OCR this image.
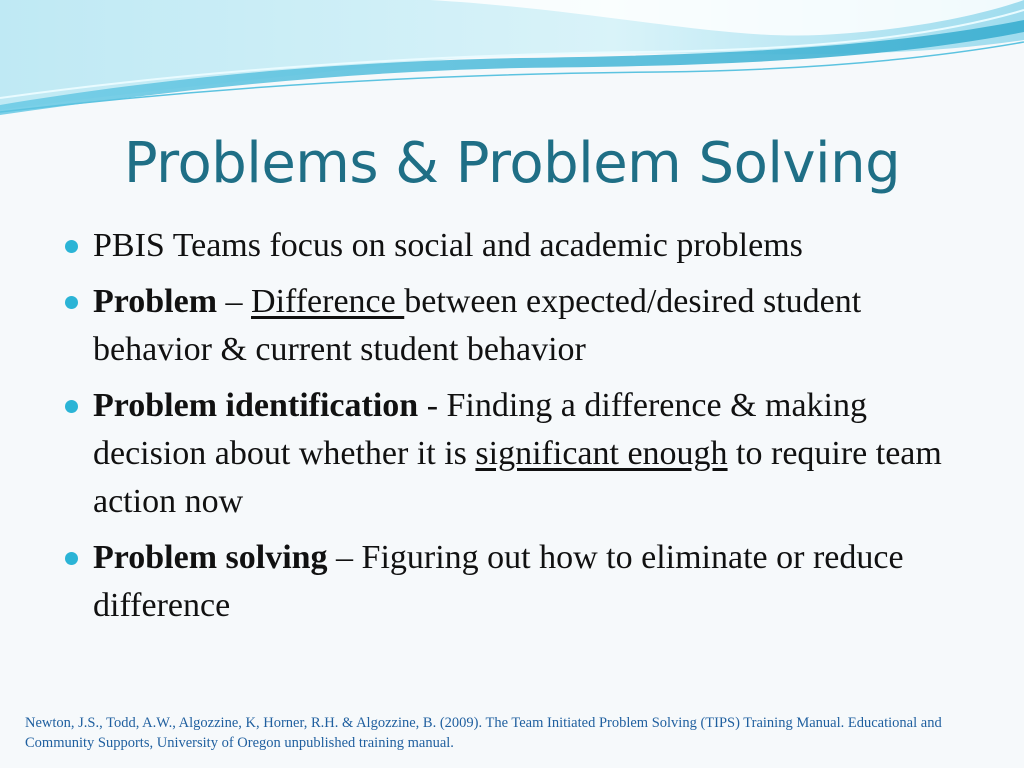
Problems & Problem Solving
PBIS Teams focus on social and academic problems
Problem – Difference between expected/desired student behavior & current student behavior
Problem identification - Finding a difference & making decision about whether it is significant enough to require team action now
Problem solving – Figuring out how to eliminate or reduce difference
Newton, J.S., Todd, A.W., Algozzine, K, Horner, R.H. & Algozzine, B. (2009). The Team Initiated Problem Solving (TIPS) Training Manual. Educational and Community Supports, University of Oregon unpublished training manual.
